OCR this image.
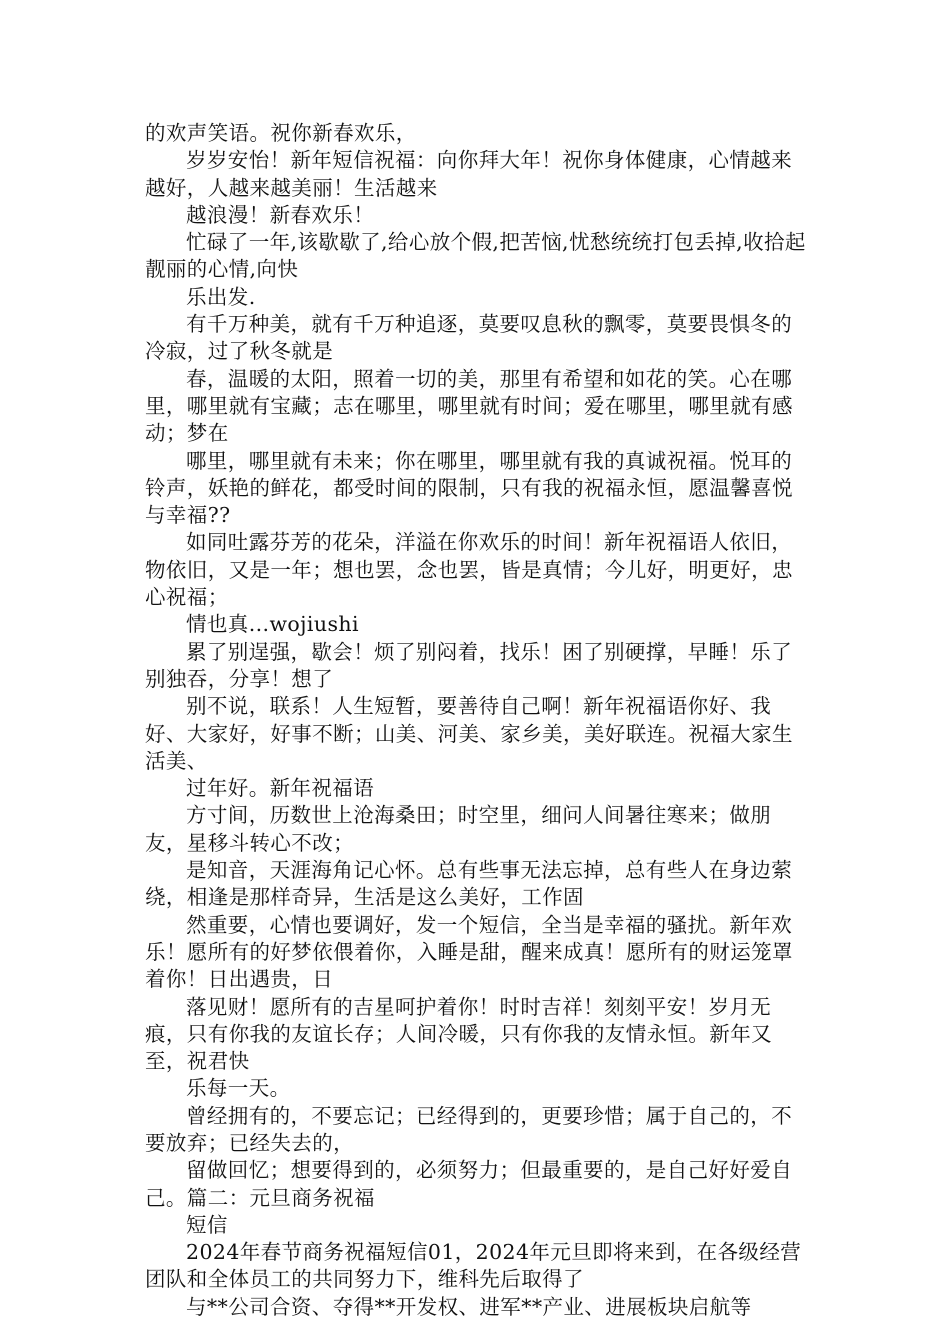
的欢声笑语。祝你新春欢乐，

岁岁安怡！新年短信祝福：向你拜大年！祝你身体健康，心情越来越好，人越来越美丽！生活越来

越浪漫！新春欢乐！

忙碌了一年,该歇歇了,给心放个假,把苦恼,忧愁统统打包丢掉,收拾起靓丽的心情,向快

乐出发.

有千万种美，就有千万种追逐，莫要叹息秋的飘零，莫要畏惧冬的冷寂，过了秋冬就是

春，温暖的太阳，照着一切的美，那里有希望和如花的笑。心在哪里，哪里就有宝藏；志在哪里，哪里就有时间；爱在哪里，哪里就有感动；梦在

哪里，哪里就有未来；你在哪里，哪里就有我的真诚祝福。悦耳的铃声，妖艳的鲜花，都受时间的限制，只有我的祝福永恒，愿温馨喜悦与幸福??

如同吐露芬芳的花朵，洋溢在你欢乐的时间！新年祝福语人依旧，物依旧，又是一年；想也罢，念也罢，皆是真情；今儿好，明更好，忠心祝福；

情也真...wojiushi

累了别逞强，歇会！烦了别闷着，找乐！困了别硬撑，早睡！乐了别独吞，分享！想了

别不说，联系！人生短暂，要善待自己啊！新年祝福语你好、我好、大家好，好事不断；山美、河美、家乡美，美好联连。祝福大家生活美、

过年好。新年祝福语

方寸间，历数世上沧海桑田；时空里，细问人间暑往寒来；做朋友，星移斗转心不改；

是知音，天涯海角记心怀。总有些事无法忘掉，总有些人在身边萦绕，相逢是那样奇异，生活是这么美好，工作固

然重要，心情也要调好，发一个短信，全当是幸福的骚扰。新年欢乐！愿所有的好梦依偎着你，入睡是甜，醒来成真！愿所有的财运笼罩着你！日出遇贵，日

落见财！愿所有的吉星呵护着你！时时吉祥！刻刻平安！岁月无痕，只有你我的友谊长存；人间冷暖，只有你我的友情永恒。新年又至，祝君快

乐每一天。

曾经拥有的，不要忘记；已经得到的，更要珍惜；属于自己的，不要放弃；已经失去的，

留做回忆；想要得到的，必须努力；但最重要的，是自己好好爱自己。篇二：元旦商务祝福

短信

2024年春节商务祝福短信01，2024年元旦即将来到，在各级经营团队和全体员工的共同努力下，维科先后取得了

与**公司合资、夺得**开发权、进军**产业、进展板块启航等
